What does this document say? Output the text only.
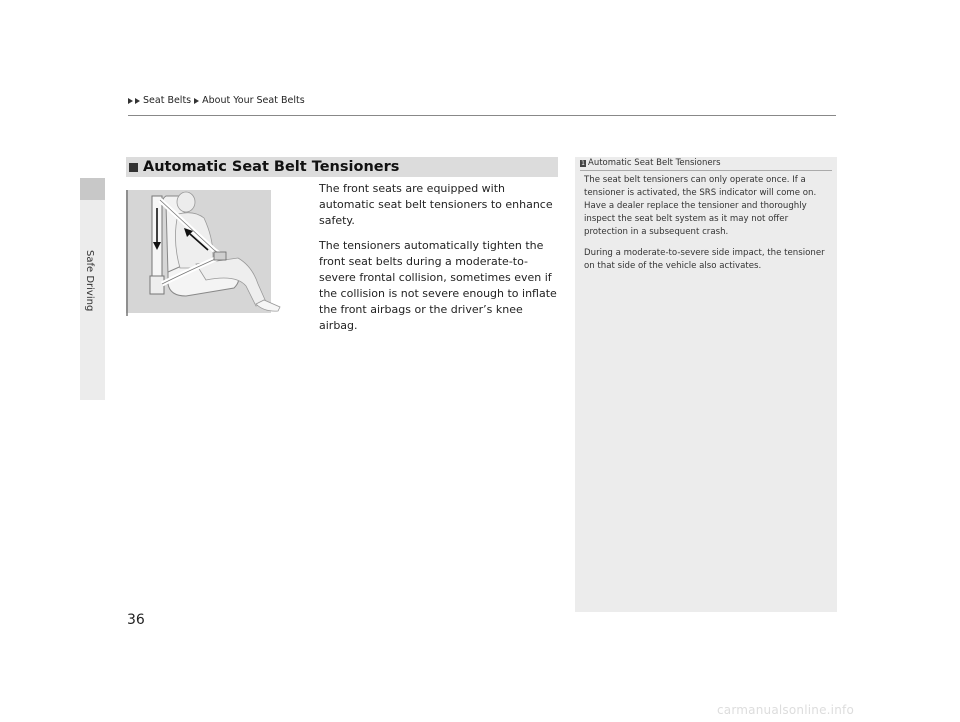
Safe Driving
Seat Belts About Your Seat Belts
Automatic Seat Belt Tensioners

The front seats are equipped with automatic seat belt tensioners to enhance safety.

The tensioners automatically tighten the front seat belts during a moderate-to-severe frontal collision, sometimes even if the collision is not severe enough to inflate the front airbags or the driver’s knee airbag.

1 Automatic Seat Belt Tensioners

The seat belt tensioners can only operate once. If a tensioner is activated, the SRS indicator will come on. Have a dealer replace the tensioner and thoroughly inspect the seat belt system as it may not offer protection in a subsequent crash.

During a moderate-to-severe side impact, the tensioner on that side of the vehicle also activates.

36
carmanualsonline.info
